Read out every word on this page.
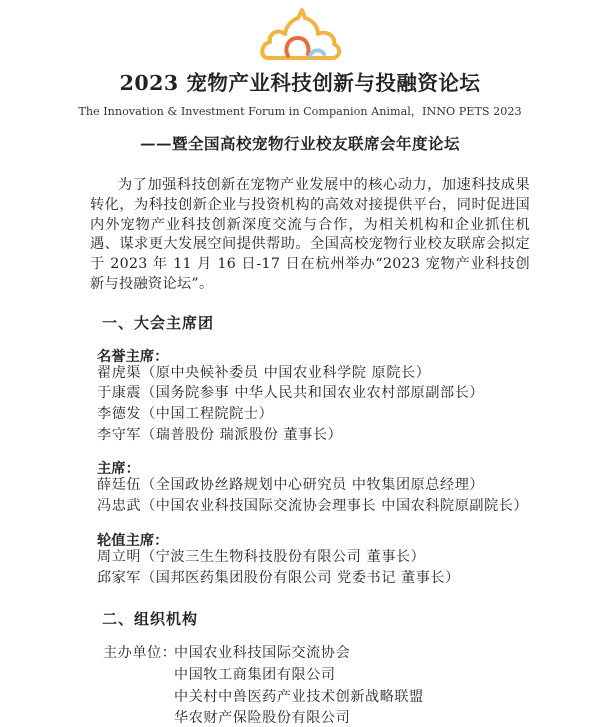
2023 宠物产业科技创新与投融资论坛
The Innovation & Investment Forum in Companion Animal，INNO PETS 2023
——暨全国高校宠物行业校友联席会年度论坛
为了加强科技创新在宠物产业发展中的核心动力，加速科技成果转化，为科技创新企业与投资机构的高效对接提供平台，同时促进国内外宠物产业科技创新深度交流与合作，为相关机构和企业抓住机遇、谋求更大发展空间提供帮助。全国高校宠物行业校友联席会拟定于 2023 年 11 月 16 日-17 日在杭州举办“2023 宠物产业科技创新与投融资论坛”。
一、大会主席团
名誉主席：
翟虎渠（原中央候补委员 中国农业科学院 原院长）
于康震（国务院参事 中华人民共和国农业农村部原副部长）
李德发（中国工程院院士）
李守军（瑞普股份 瑞派股份 董事长）
主席：
薛廷伍（全国政协丝路规划中心研究员 中牧集团原总经理）
冯忠武（中国农业科技国际交流协会理事长 中国农科院原副院长）
轮值主席：
周立明（宁波三生生物科技股份有限公司 董事长）
邱家军（国邦医药集团股份有限公司 党委书记 董事长）
二、组织机构
主办单位：
中国农业科技国际交流协会
中国牧工商集团有限公司
中关村中兽医药产业技术创新战略联盟
华农财产保险股份有限公司
